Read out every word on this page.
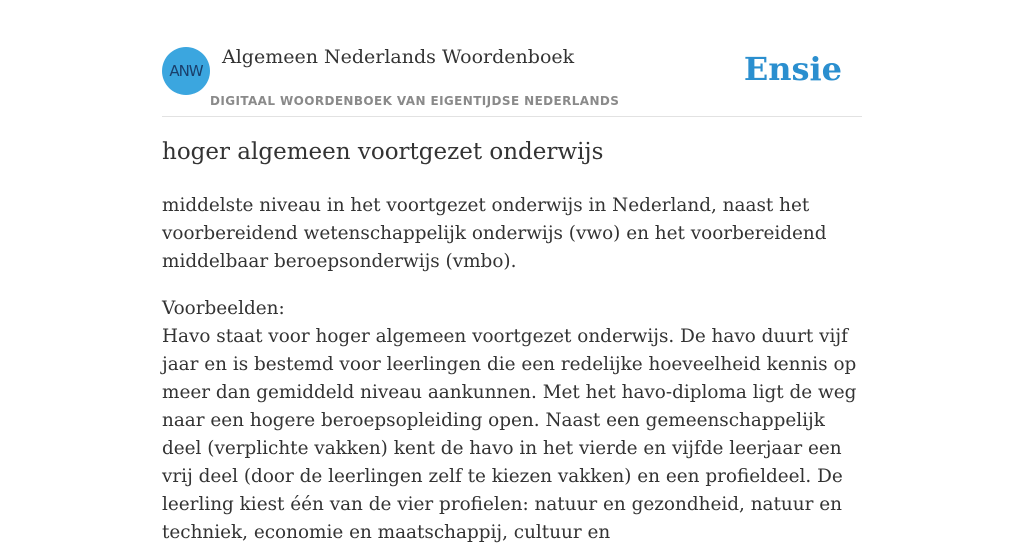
ANW
Algemeen Nederlands Woordenboek
DIGITAAL WOORDENBOEK VAN EIGENTIJDSE NEDERLANDS
Ensie
hoger algemeen voortgezet onderwijs

middelste niveau in het voortgezet onderwijs in Nederland, naast het voorbereidend wetenschappelijk onderwijs (vwo) en het voorbereidend middelbaar beroepsonderwijs (vmbo).

Voorbeelden:

Havo staat voor hoger algemeen voortgezet onderwijs. De havo duurt vijf jaar en is bestemd voor leerlingen die een redelijke hoeveelheid kennis op meer dan gemiddeld niveau aankunnen. Met het havo-diploma ligt de weg naar een hogere beroepsopleiding open. Naast een gemeenschappelijk deel (verplichte vakken) kent de havo in het vierde en vijfde leerjaar een vrij deel (door de leerlingen zelf te kiezen vakken) en een profieldeel. De leerling kiest één van de vier profielen: natuur en gezondheid, natuur en techniek, economie en maatschappij, cultuur en
